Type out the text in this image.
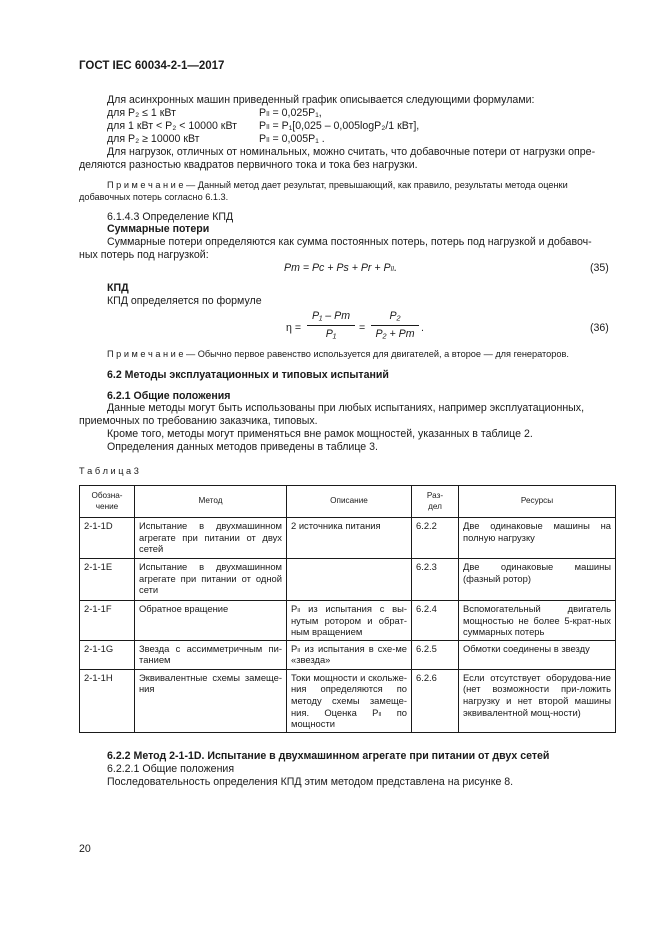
ГОСТ IEC 60034-2-1—2017
Для асинхронных машин приведенный график описывается следующими формулами:
для P₂ ≤ 1 кВт	Pₗₗ = 0,025P₁,
для 1 кВт < P₂ < 10000 кВт Pₗₗ = P₁[0,025 – 0,005logP₂/1 кВт],
для P₂ ≥ 10000 кВт	Pₗₗ = 0,005P₁ .
Для нагрузок, отличных от номинальных, можно считать, что добавочные потери от нагрузки опре-
деляются разностью квадратов первичного тока и тока без нагрузки.
П р и м е ч а н и е — Данный метод дает результат, превышающий, как правило, результаты метода оценки
добавочных потерь согласно 6.1.3.
6.1.4.3 Определение КПД
Суммарные потери
Суммарные потери определяются как сумма постоянных потерь, потерь под нагрузкой и добавоч-
ных потерь под нагрузкой:
Pт = Pc + Ps + Pr + Pₗₗ.	(35)
КПД
КПД определяется по формуле
η =
P₁ – Pт
P₁	=
P₂
P₂ + Pт .	(36)
П р и м е ч а н и е — Обычно первое равенство используется для двигателей, а второе — для генераторов.
6.2 Методы эксплуатационных и типовых испытаний
6.2.1 Общие положения
Данные методы могут быть использованы при любых испытаниях, например эксплуатационных,
приемочных по требованию заказчика, типовых.
Кроме того, методы могут применяться вне рамок мощностей, указанных в таблице 2.
Определения данных методов приведены в таблице 3.
Т а б л и ц а 3
Обозна-
чение	Метод	Описание	Раз-
дел	Ресурсы
2-1-1D	Испытание в двухмашинном агрегате при питании от двух сетей	2 источника питания	6.2.2	Две одинаковые машины на полную нагрузку
2-1-1E	Испытание в двухмашинном агрегате при питании от одной сети		6.2.3	Две одинаковые машины (фазный ротор)
2-1-1F	Обратное вращение	Pₗₗ из испытания с вы-нутым ротором и обрат-ным вращением	6.2.4	Вспомогательный двигатель мощностью не более 5-крат-ных суммарных потерь
2-1-1G	Звезда с ассимметричным пи-танием	Pₗₗ из испытания в схе-ме «звезда»	6.2.5	Обмотки соединены в звезду
2-1-1H	Эквивалентные схемы замеще-ния	Токи мощности и скольже-ния определяются по методу схемы замеще-ния. Оценка Pₗₗ по мощности	6.2.6	Если отсутствует оборудова-ние (нет возможности при-ложить нагрузку и нет второй машины эквивалентной мощ-ности)
6.2.2 Метод 2-1-1D. Испытание в двухмашинном агрегате при питании от двух сетей
6.2.2.1 Общие положения
Последовательность определения КПД этим методом представлена на рисунке 8.
20
